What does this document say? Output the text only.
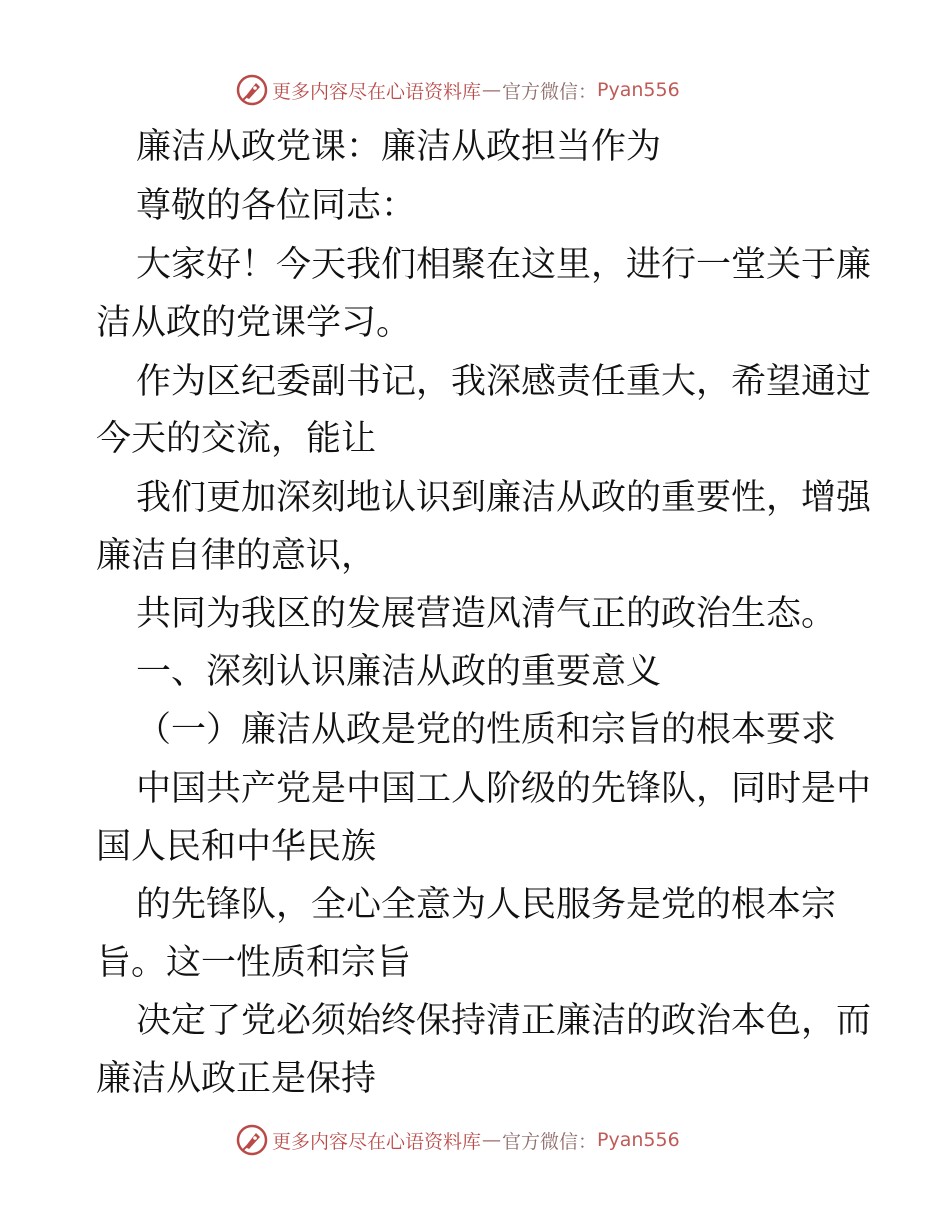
更多内容尽在心语资料库 — 官方微信： Pyan556
廉洁从政党课：廉洁从政担当作为
尊敬的各位同志：
大家好！今天我们相聚在这里，进行一堂关于廉
洁从政的党课学习。
作为区纪委副书记，我深感责任重大，希望通过
今天的交流，能让
我们更加深刻地认识到廉洁从政的重要性，增强
廉洁自律的意识，
共同为我区的发展营造风清气正的政治生态。
一、深刻认识廉洁从政的重要意义
（一）廉洁从政是党的性质和宗旨的根本要求
中国共产党是中国工人阶级的先锋队，同时是中
国人民和中华民族
的先锋队，全心全意为人民服务是党的根本宗
旨。这一性质和宗旨
决定了党必须始终保持清正廉洁的政治本色，而
廉洁从政正是保持
更多内容尽在心语资料库 — 官方微信： Pyan556
